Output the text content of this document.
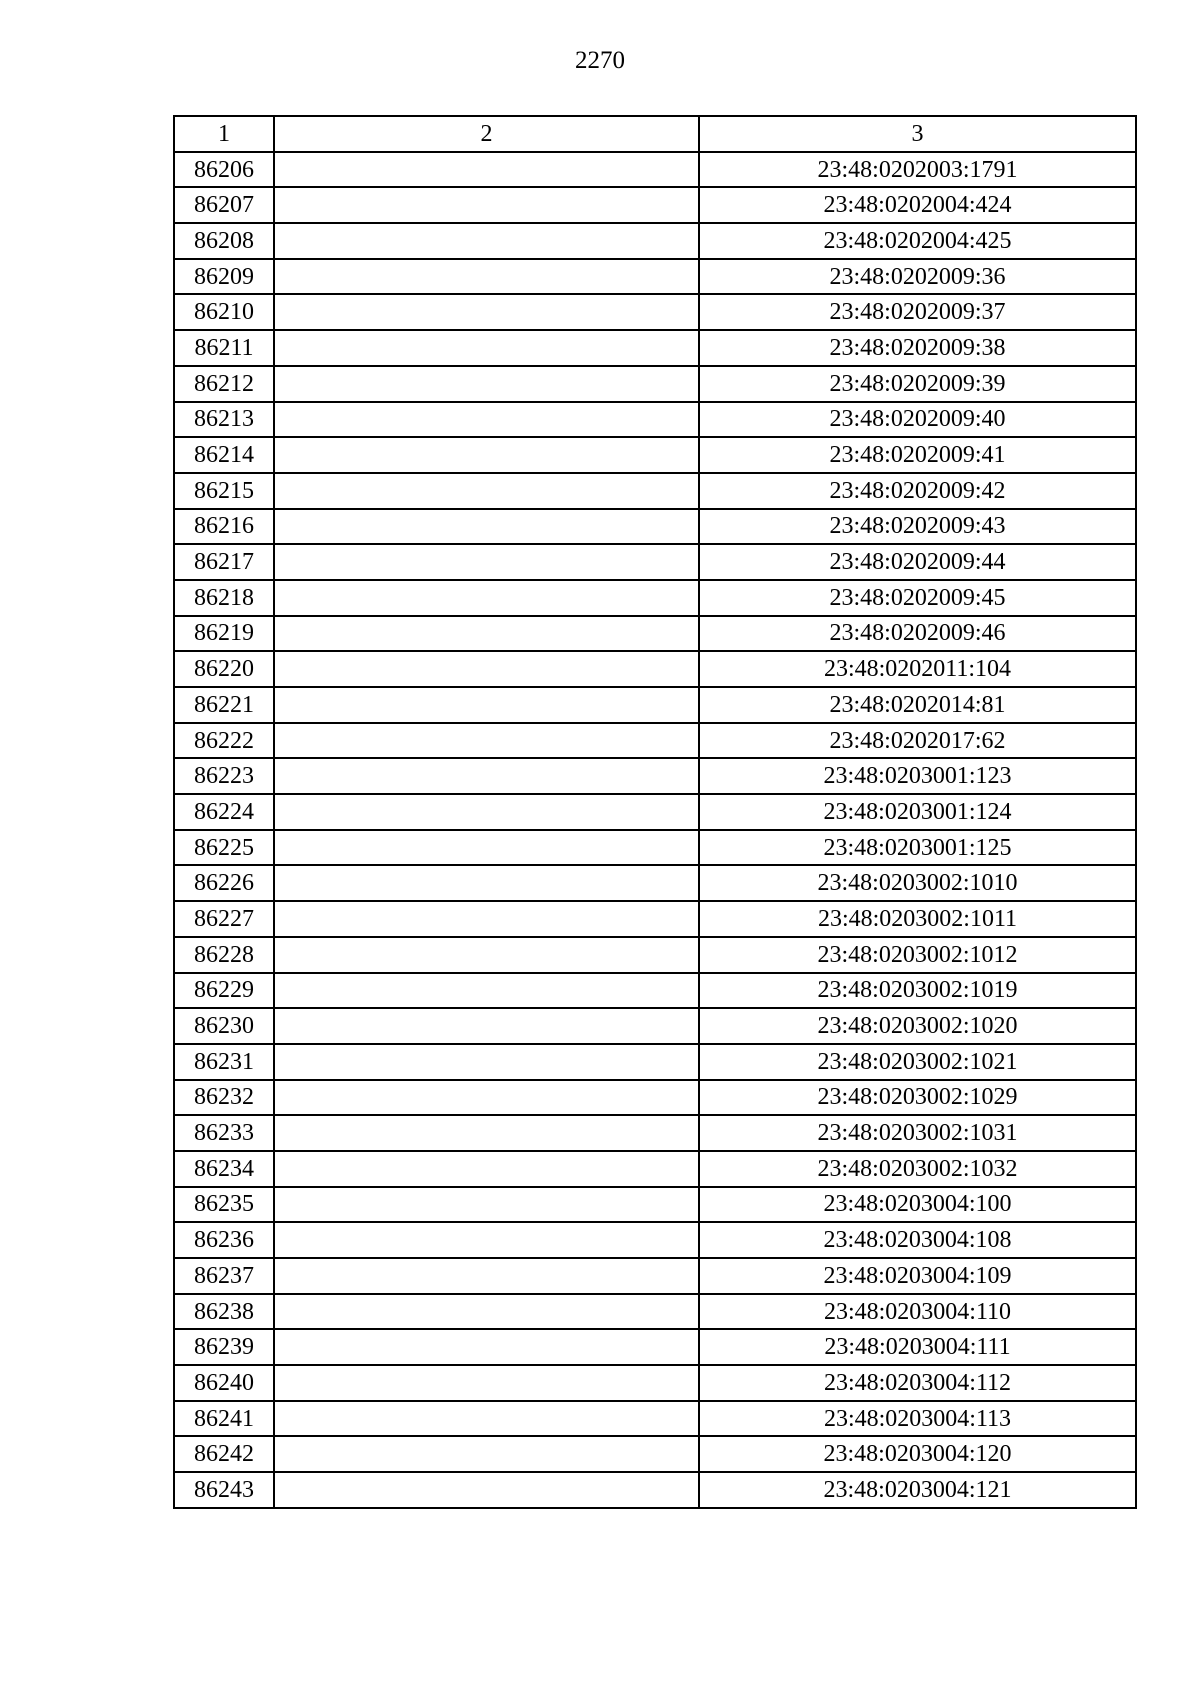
2270
1	2	3
86206		23:48:0202003:1791
86207		23:48:0202004:424
86208		23:48:0202004:425
86209		23:48:0202009:36
86210		23:48:0202009:37
86211		23:48:0202009:38
86212		23:48:0202009:39
86213		23:48:0202009:40
86214		23:48:0202009:41
86215		23:48:0202009:42
86216		23:48:0202009:43
86217		23:48:0202009:44
86218		23:48:0202009:45
86219		23:48:0202009:46
86220		23:48:0202011:104
86221		23:48:0202014:81
86222		23:48:0202017:62
86223		23:48:0203001:123
86224		23:48:0203001:124
86225		23:48:0203001:125
86226		23:48:0203002:1010
86227		23:48:0203002:1011
86228		23:48:0203002:1012
86229		23:48:0203002:1019
86230		23:48:0203002:1020
86231		23:48:0203002:1021
86232		23:48:0203002:1029
86233		23:48:0203002:1031
86234		23:48:0203002:1032
86235		23:48:0203004:100
86236		23:48:0203004:108
86237		23:48:0203004:109
86238		23:48:0203004:110
86239		23:48:0203004:111
86240		23:48:0203004:112
86241		23:48:0203004:113
86242		23:48:0203004:120
86243		23:48:0203004:121
